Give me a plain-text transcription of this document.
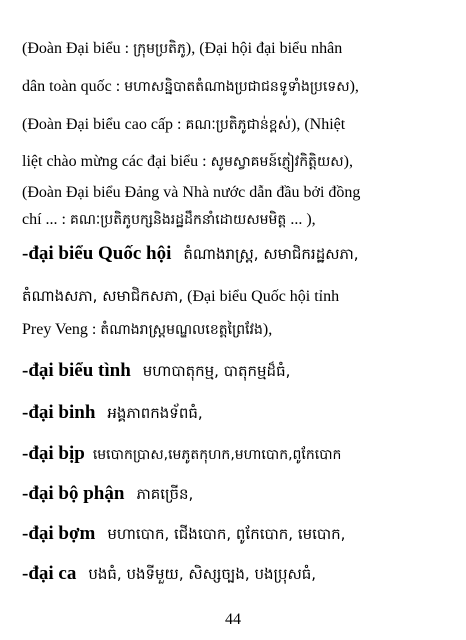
(Đoàn Đại biểu : ក្រុមប្រតិភូ), (Đại hội đại biểu nhân
dân toàn quốc : មហាសន្និបាតតំណាងប្រជាជនទូទាំងប្រទេស),
(Đoàn Đại biểu cao cấp : គណៈប្រតិភូជាន់ខ្ពស់), (Nhiệt
liệt chào mừng các đại biểu : សូមស្វាគមន៍ភ្ញៀវកិត្តិយស),
(Đoàn Đại biểu Đảng và Nhà nước dẫn đầu bởi đồng
chí ... : គណៈប្រតិភូបក្សនិងរដ្ឋដឹកនាំដោយសមមិត្ត ... ),
-đại biểu Quốc hội តំណាងរាស្ត្រ, សមាជិករដ្ឋសភា,
តំណាងសភា, សមាជិកសភា, (Đại biểu Quốc hội tỉnh
Prey Veng : តំណាងរាស្ត្រមណ្ឌលខេត្តព្រៃវែង),
-đại biểu tình មហាបាតុកម្ម, បាតុកម្មដ៏ធំ,
-đại binh អង្គភាពកងទ័ពធំ,
-đại bịp មេបោកប្រាស,មេភូតកុហក,មហាបោក,ពូកែបោក
-đại bộ phận ភាគច្រើន,
-đại bợm មហាបោក, ជើងបោក, ពូកែបោក, មេបោក,
-đại ca បងធំ, បងទីមួយ, សិស្សច្បង, បងប្រុសធំ,
44
